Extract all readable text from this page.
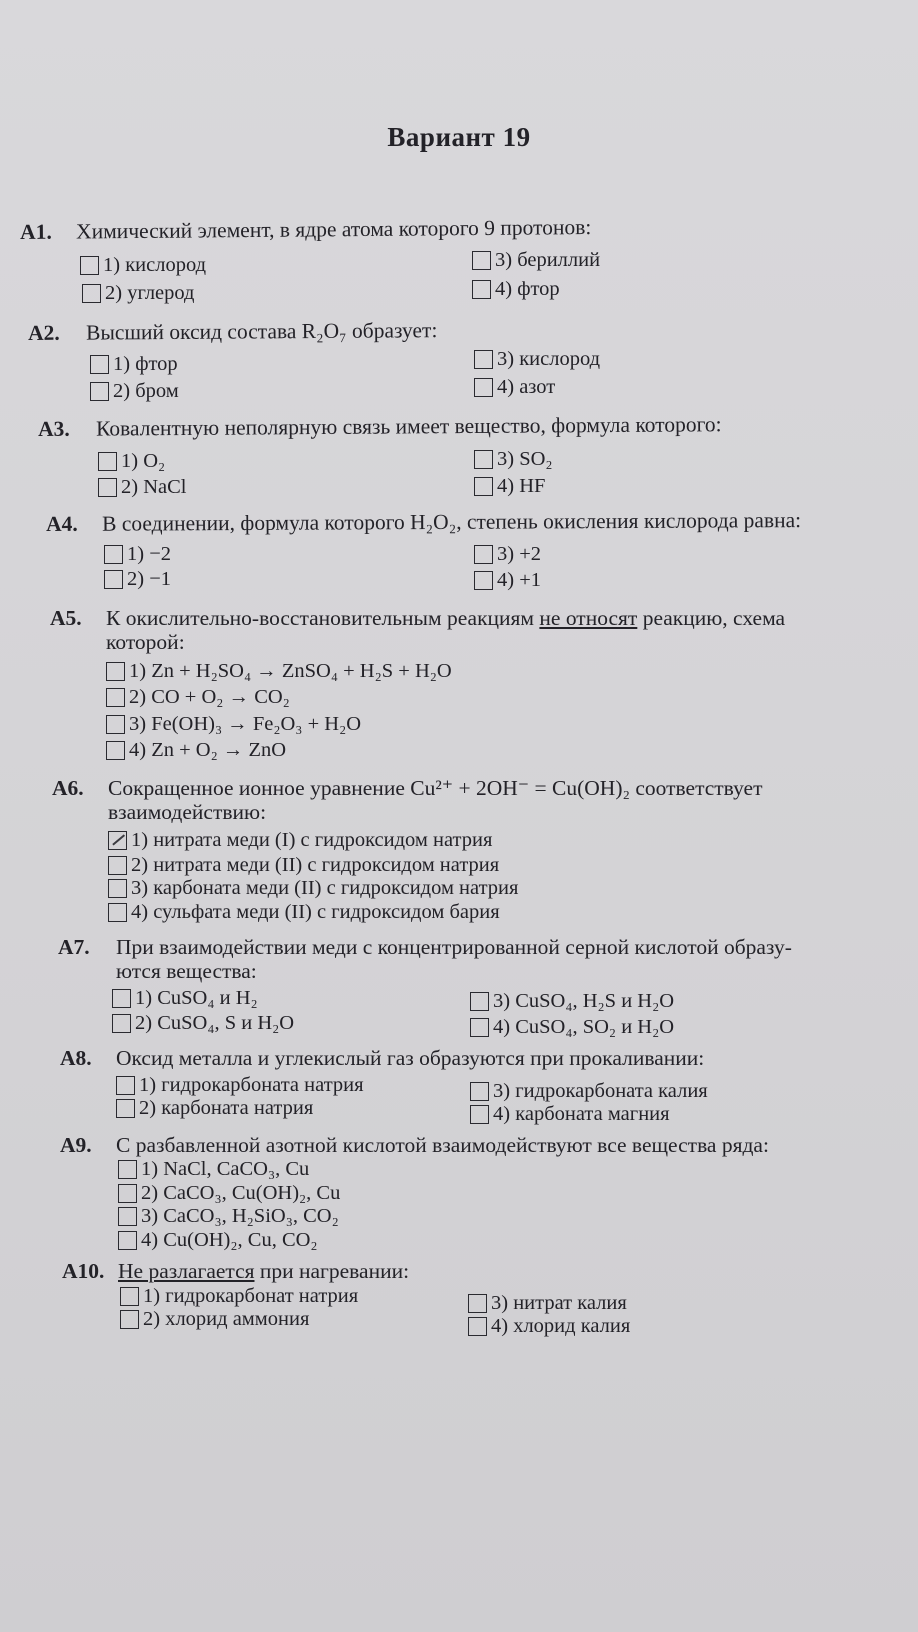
Вариант 19
А1. Химический элемент, в ядре атома которого 9 протонов:
1) кислород
2) углерод
3) бериллий
4) фтор
А2. Высший оксид состава R₂O₇ образует:
1) фтор
2) бром
3) кислород
4) азот
А3. Ковалентную неполярную связь имеет вещество, формула которого:
1) O₂
2) NaCl
3) SO₂
4) HF
А4. В соединении, формула которого H₂O₂, степень окисления кислорода равна:
1) −2
2) −1
3) +2
4) +1
А5. К окислительно-восстановительным реакциям не относят реакцию, схема
которой:
1) Zn + H₂SO₄ → ZnSO₄ + H₂S + H₂O
2) CO + O₂ → CO₂
3) Fe(OH)₃ → Fe₂O₃ + H₂O
4) Zn + O₂ → ZnO
А6. Сокращенное ионное уравнение Cu²⁺ + 2OH⁻ = Cu(OH)₂ соответствует
взаимодействию:
1) нитрата меди (I) с гидроксидом натрия
2) нитрата меди (II) с гидроксидом натрия
3) карбоната меди (II) с гидроксидом натрия
4) сульфата меди (II) с гидроксидом бария
А7. При взаимодействии меди с концентрированной серной кислотой образу-
ются вещества:
1) CuSO₄ и H₂
2) CuSO₄, S и H₂O
3) CuSO₄, H₂S и H₂O
4) CuSO₄, SO₂ и H₂O
А8. Оксид металла и углекислый газ образуются при прокаливании:
1) гидрокарбоната натрия
2) карбоната натрия
3) гидрокарбоната калия
4) карбоната магния
А9. С разбавленной азотной кислотой взаимодействуют все вещества ряда:
1) NaCl, CaCO₃, Cu
2) CaCO₃, Cu(OH)₂, Cu
3) CaCO₃, H₂SiO₃, CO₂
4) Cu(OH)₂, Cu, CO₂
А10. Не разлагается при нагревании:
1) гидрокарбонат натрия
2) хлорид аммония
3) нитрат калия
4) хлорид калия
